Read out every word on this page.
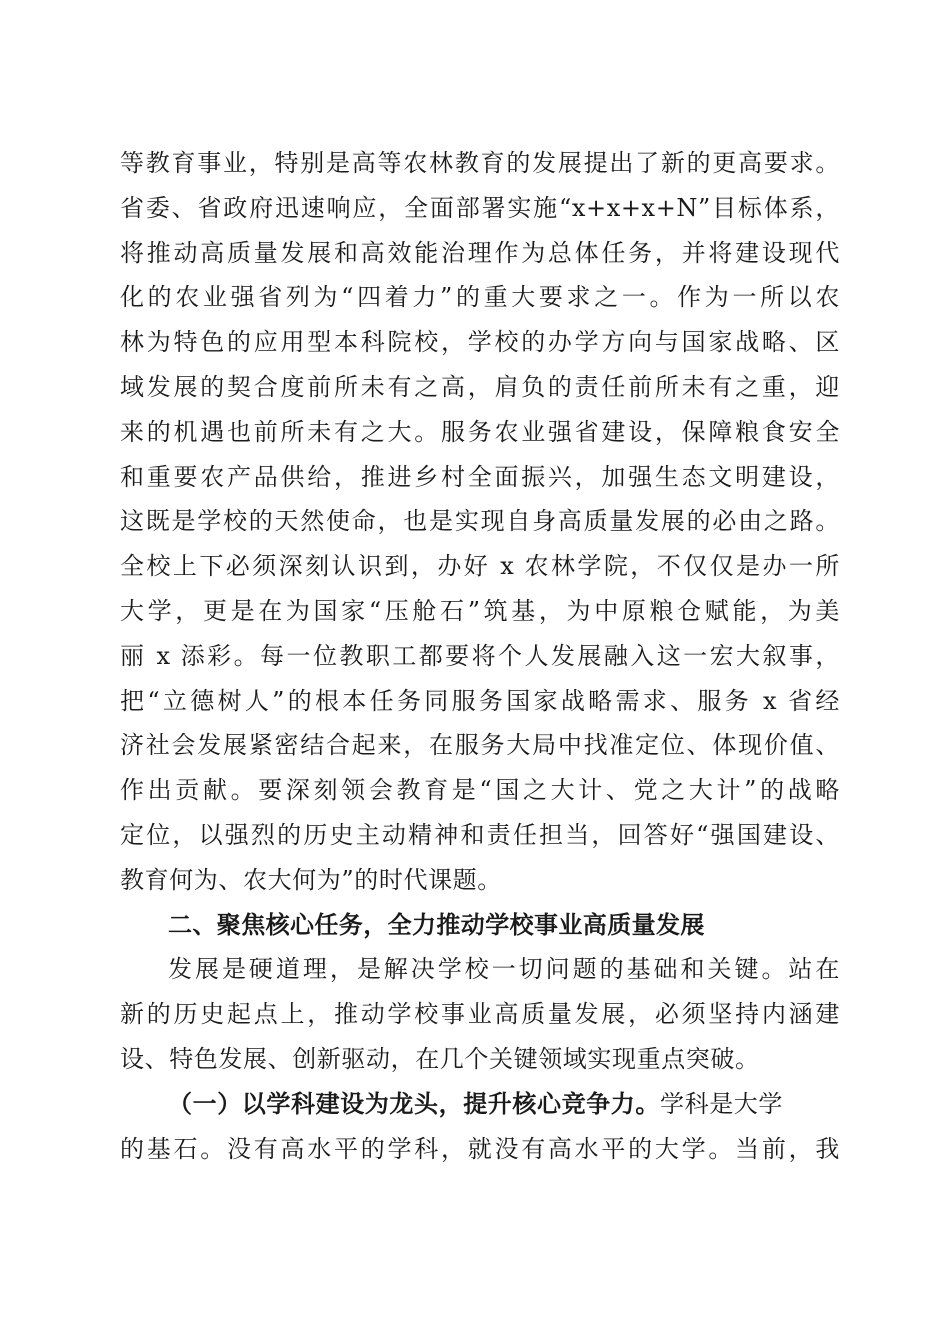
等教育事业，特别是高等农林教育的发展提出了新的更高要求。
省委、省政府迅速响应，全面部署实施“x+x+x+N”目标体系，
将推动高质量发展和高效能治理作为总体任务，并将建设现代
化的农业强省列为“四着力”的重大要求之一。作为一所以农
林为特色的应用型本科院校，学校的办学方向与国家战略、区
域发展的契合度前所未有之高，肩负的责任前所未有之重，迎
来的机遇也前所未有之大。服务农业强省建设，保障粮食安全
和重要农产品供给，推进乡村全面振兴，加强生态文明建设，
这既是学校的天然使命，也是实现自身高质量发展的必由之路。
全校上下必须深刻认识到，办好 x 农林学院，不仅仅是办一所
大学，更是在为国家“压舱石”筑基，为中原粮仓赋能，为美
丽 x 添彩。每一位教职工都要将个人发展融入这一宏大叙事，
把“立德树人”的根本任务同服务国家战略需求、服务 x 省经
济社会发展紧密结合起来，在服务大局中找准定位、体现价值、
作出贡献。要深刻领会教育是“国之大计、党之大计”的战略
定位，以强烈的历史主动精神和责任担当，回答好“强国建设、
教育何为、农大何为”的时代课题。
二、聚焦核心任务，全力推动学校事业高质量发展
发展是硬道理，是解决学校一切问题的基础和关键。站在
新的历史起点上，推动学校事业高质量发展，必须坚持内涵建
设、特色发展、创新驱动，在几个关键领域实现重点突破。
（一）以学科建设为龙头，提升核心竞争力。学科是大学
的基石。没有高水平的学科，就没有高水平的大学。当前，我
